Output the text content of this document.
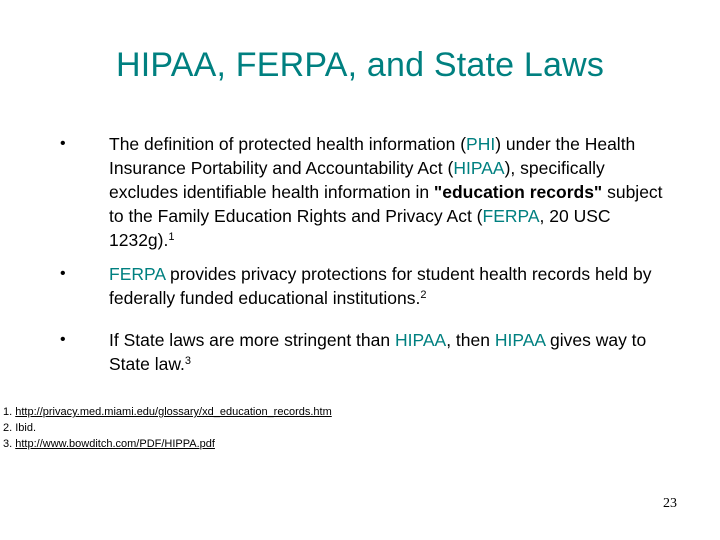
HIPAA, FERPA, and State Laws
• The definition of protected health information (PHI) under the Health Insurance Portability and Accountability Act (HIPAA), specifically excludes identifiable health information in "education records" subject to the Family Education Rights and Privacy Act (FERPA, 20 USC 1232g).$^1$
• FERPA provides privacy protections for student health records held by federally funded educational institutions.$^2$
• If State laws are more stringent than HIPAA, then HIPAA gives way to State law.$^3$
1. http://privacy.med.miami.edu/glossary/xd_education_records.htm
2. Ibid.
3. http://www.bowditch.com/PDF/HIPPA.pdf
23
